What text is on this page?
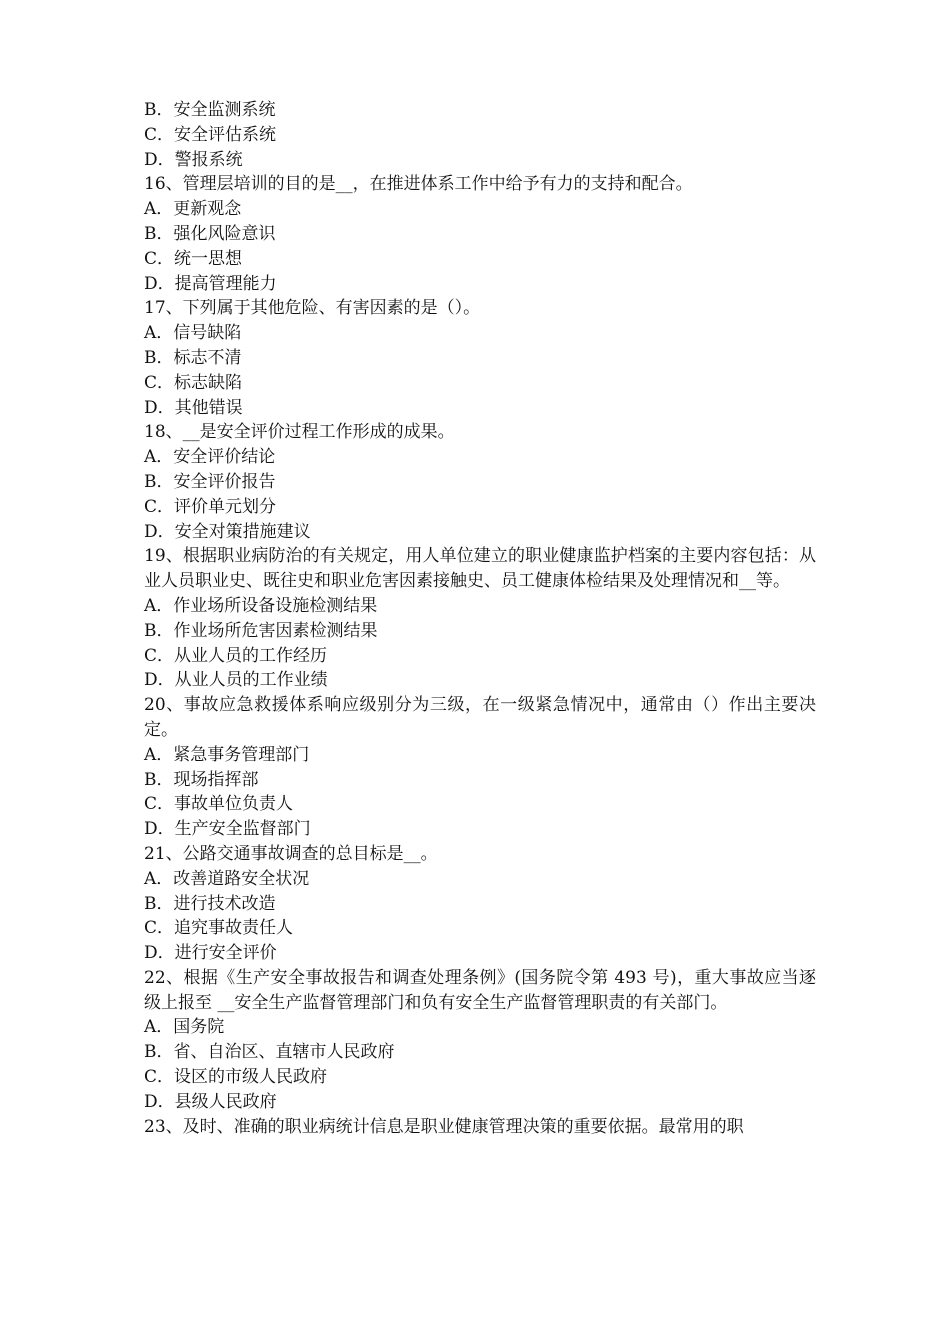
B．安全监测系统
C．安全评估系统
D．警报系统
16、管理层培训的目的是__，在推进体系工作中给予有力的支持和配合。
A．更新观念
B．强化风险意识
C．统一思想
D．提高管理能力
17、下列属于其他危险、有害因素的是（）。
A．信号缺陷
B．标志不清
C．标志缺陷
D．其他错误
18、__是安全评价过程工作形成的成果。
A．安全评价结论
B．安全评价报告
C．评价单元划分
D．安全对策措施建议
19、根据职业病防治的有关规定，用人单位建立的职业健康监护档案的主要内容包括：从业人员职业史、既往史和职业危害因素接触史、员工健康体检结果及处理情况和__等。
A．作业场所设备设施检测结果
B．作业场所危害因素检测结果
C．从业人员的工作经历
D．从业人员的工作业绩
20、事故应急救援体系响应级别分为三级，在一级紧急情况中，通常由（）作出主要决定。
A．紧急事务管理部门
B．现场指挥部
C．事故单位负责人
D．生产安全监督部门
21、公路交通事故调查的总目标是__。
A．改善道路安全状况
B．进行技术改造
C．追究事故责任人
D．进行安全评价
22、根据《生产安全事故报告和调查处理条例》(国务院令第 493 号)，重大事故应当逐级上报至 __安全生产监督管理部门和负有安全生产监督管理职责的有关部门。
A．国务院
B．省、自治区、直辖市人民政府
C．设区的市级人民政府
D．县级人民政府
23、及时、准确的职业病统计信息是职业健康管理决策的重要依据。最常用的职
